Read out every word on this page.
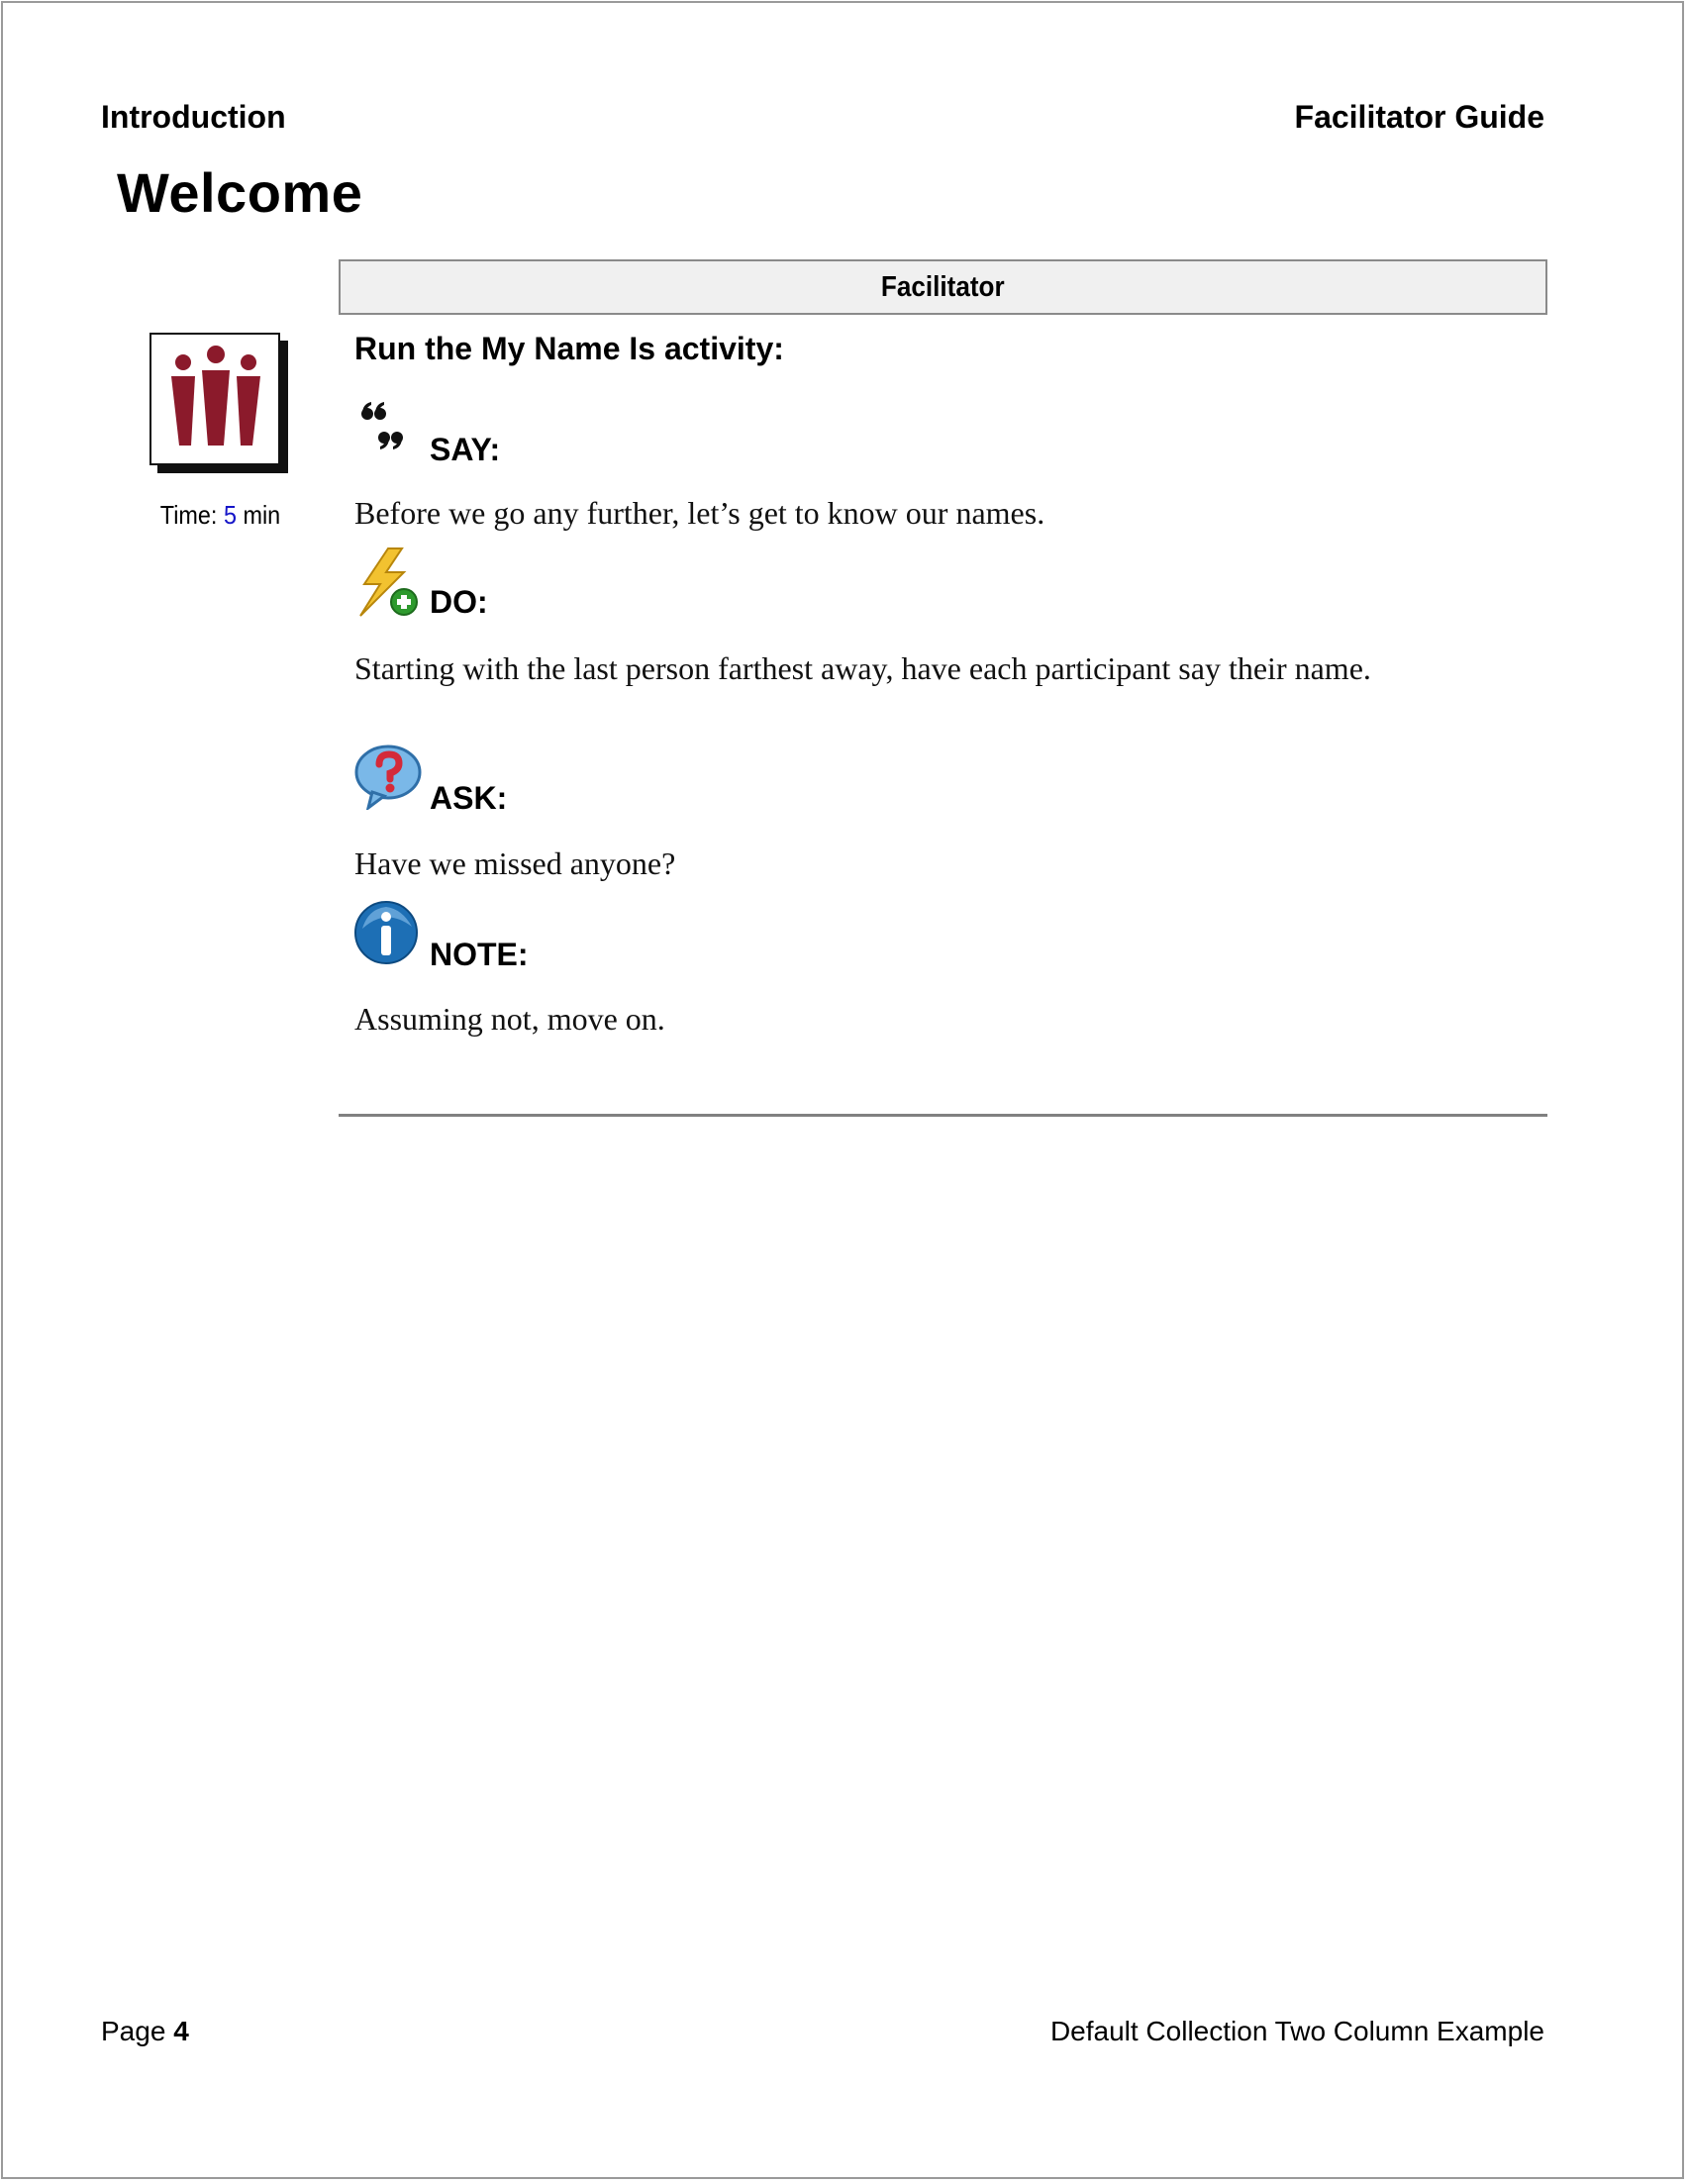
Introduction	Facilitator Guide
Welcome
Time: 5 min
Facilitator
Run the My Name Is activity:
SAY:
Before we go any further, let’s get to know our names.
DO:
Starting with the last person farthest away, have each participant say their name.
ASK:
Have we missed anyone?
NOTE:
Assuming not, move on.
Page 4	Default Collection Two Column Example
